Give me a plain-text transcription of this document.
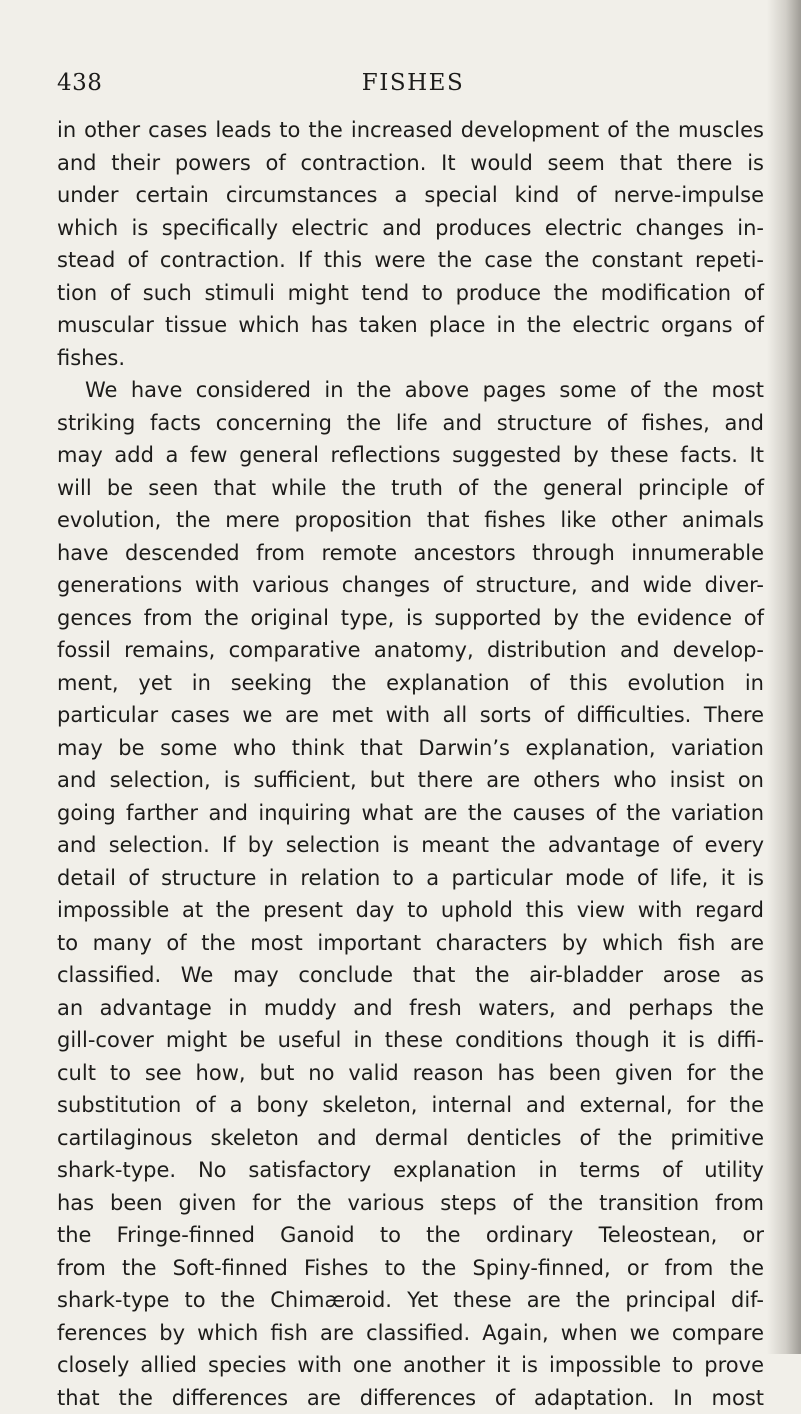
438	FISHES
in other cases leads to the increased development of the muscles
and their powers of contraction. It would seem that there is
under certain circumstances a special kind of nerve-impulse
which is specifically electric and produces electric changes in-
stead of contraction. If this were the case the constant repeti-
tion of such stimuli might tend to produce the modification of
muscular tissue which has taken place in the electric organs of
fishes.
We have considered in the above pages some of the most
striking facts concerning the life and structure of fishes, and
may add a few general reflections suggested by these facts. It
will be seen that while the truth of the general principle of
evolution, the mere proposition that fishes like other animals
have descended from remote ancestors through innumerable
generations with various changes of structure, and wide diver-
gences from the original type, is supported by the evidence of
fossil remains, comparative anatomy, distribution and develop-
ment, yet in seeking the explanation of this evolution in
particular cases we are met with all sorts of difficulties. There
may be some who think that Darwin’s explanation, variation
and selection, is sufficient, but there are others who insist on
going farther and inquiring what are the causes of the variation
and selection. If by selection is meant the advantage of every
detail of structure in relation to a particular mode of life, it is
impossible at the present day to uphold this view with regard
to many of the most important characters by which fish are
classified. We may conclude that the air-bladder arose as
an advantage in muddy and fresh waters, and perhaps the
gill-cover might be useful in these conditions though it is diffi-
cult to see how, but no valid reason has been given for the
substitution of a bony skeleton, internal and external, for the
cartilaginous skeleton and dermal denticles of the primitive
shark-type. No satisfactory explanation in terms of utility
has been given for the various steps of the transition from
the Fringe-finned Ganoid to the ordinary Teleostean, or
from the Soft-finned Fishes to the Spiny-finned, or from the
shark-type to the Chimæroid. Yet these are the principal dif-
ferences by which fish are classified. Again, when we compare
closely allied species with one another it is impossible to prove
that the differences are differences of adaptation. In most
